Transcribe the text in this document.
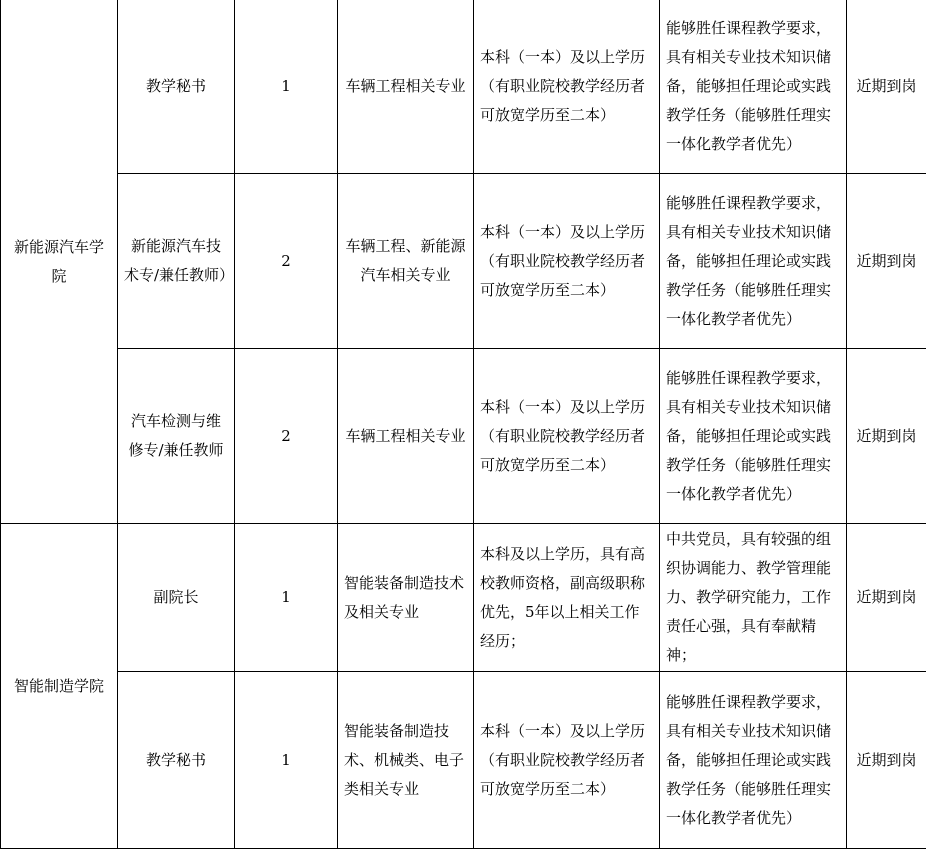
新能源汽车学院	教学秘书	1	车辆工程相关专业	本科（一本）及以上学历（有职业院校教学经历者可放宽学历至二本）	能够胜任课程教学要求，具有相关专业技术知识储备，能够担任理论或实践教学任务（能够胜任理实一体化教学者优先）	近期到岗
	新能源汽车技术专/兼任教师）	2	车辆工程、新能源汽车相关专业	本科（一本）及以上学历（有职业院校教学经历者可放宽学历至二本）	能够胜任课程教学要求，具有相关专业技术知识储备，能够担任理论或实践教学任务（能够胜任理实一体化教学者优先）	近期到岗
	汽车检测与维修专/兼任教师	2	车辆工程相关专业	本科（一本）及以上学历（有职业院校教学经历者可放宽学历至二本）	能够胜任课程教学要求，具有相关专业技术知识储备，能够担任理论或实践教学任务（能够胜任理实一体化教学者优先）	近期到岗
智能制造学院	副院长	1	智能装备制造技术及相关专业	本科及以上学历，具有高校教师资格，副高级职称优先，5年以上相关工作经历；	中共党员，具有较强的组织协调能力、教学管理能力、教学研究能力，工作责任心强，具有奉献精神；	近期到岗
	教学秘书	1	智能装备制造技术、机械类、电子类相关专业	本科（一本）及以上学历（有职业院校教学经历者可放宽学历至二本）	能够胜任课程教学要求，具有相关专业技术知识储备，能够担任理论或实践教学任务（能够胜任理实一体化教学者优先）	近期到岗
